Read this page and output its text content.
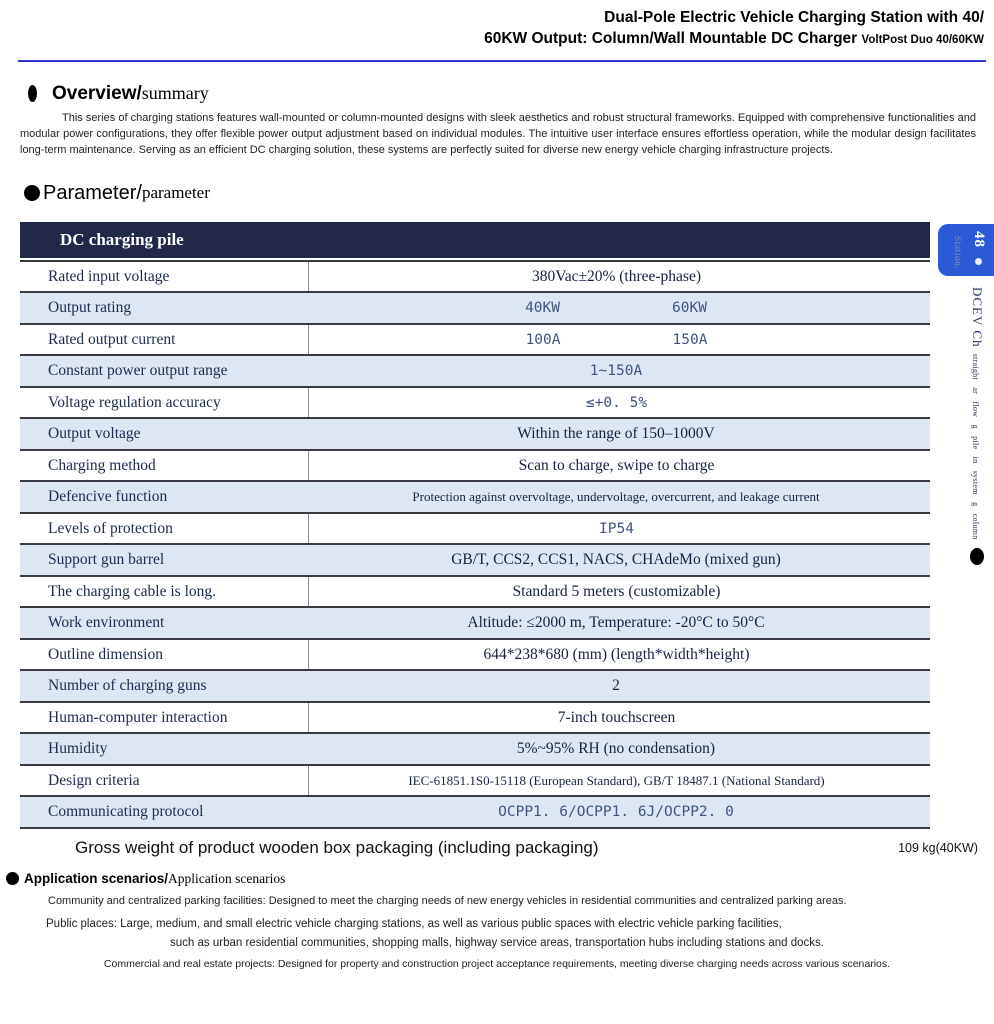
Dual-Pole Electric Vehicle Charging Station with 40/
60KW Output: Column/Wall Mountable DC Charger VoltPost Duo 40/60KW
Overview/ summary
This series of charging stations features wall-mounted or column-mounted designs with sleek aesthetics and robust structural frameworks. Equipped with comprehensive functionalities and modular power configurations, they offer flexible power output adjustment based on individual modules. The intuitive user interface ensures effortless operation, while the modular design facilitates long-term maintenance. Serving as an efficient DC charging solution, these systems are perfectly suited for diverse new energy vehicle charging infrastructure projects.
Parameter/ parameter
DC charging pile
Rated input voltage	380Vac±20% (three-phase)
Output rating	40KW	60KW
Rated output current	100A	150A
Constant power output range	1~150A
Voltage regulation accuracy	≤+0. 5%
Output voltage	Within the range of 150–1000V
Charging method	Scan to charge, swipe to charge
Defencive function	Protection against overvoltage, undervoltage, overcurrent, and leakage current
Levels of protection	IP54
Support gun barrel	GB/T, CCS2, CCS1, NACS, CHAdeMo (mixed gun)
The charging cable is long.	Standard 5 meters (customizable)
Work environment	Altitude: ≤2000 m, Temperature: -20°C to 50°C
Outline dimension	644*238*680 (mm) (length*width*height)
Number of charging guns	2
Human-computer interaction	7-inch touchscreen
Humidity	5%~95% RH (no condensation)
Design criteria	IEC-61851.1S0-15118 (European Standard), GB/T 18487.1 (National Standard)
Communicating protocol	OCPP1. 6/OCPP1. 6J/OCPP2. 0
Gross weight of product wooden box packaging (including packaging)	109 kg(40KW)
Application scenarios/ Application scenarios
Community and centralized parking facilities: Designed to meet the charging needs of new energy vehicles in residential communities and centralized parking areas.
Public places: Large, medium, and small electric vehicle charging stations, as well as various public spaces with electric vehicle parking facilities,
such as urban residential communities, shopping malls, highway service areas, transportation hubs including stations and docks.
Commercial and real estate projects: Designed for property and construction project acceptance requirements, meeting diverse charging needs across various scenarios.
48
Station.
DCEV Chstraight ar flow g pile in system g column
